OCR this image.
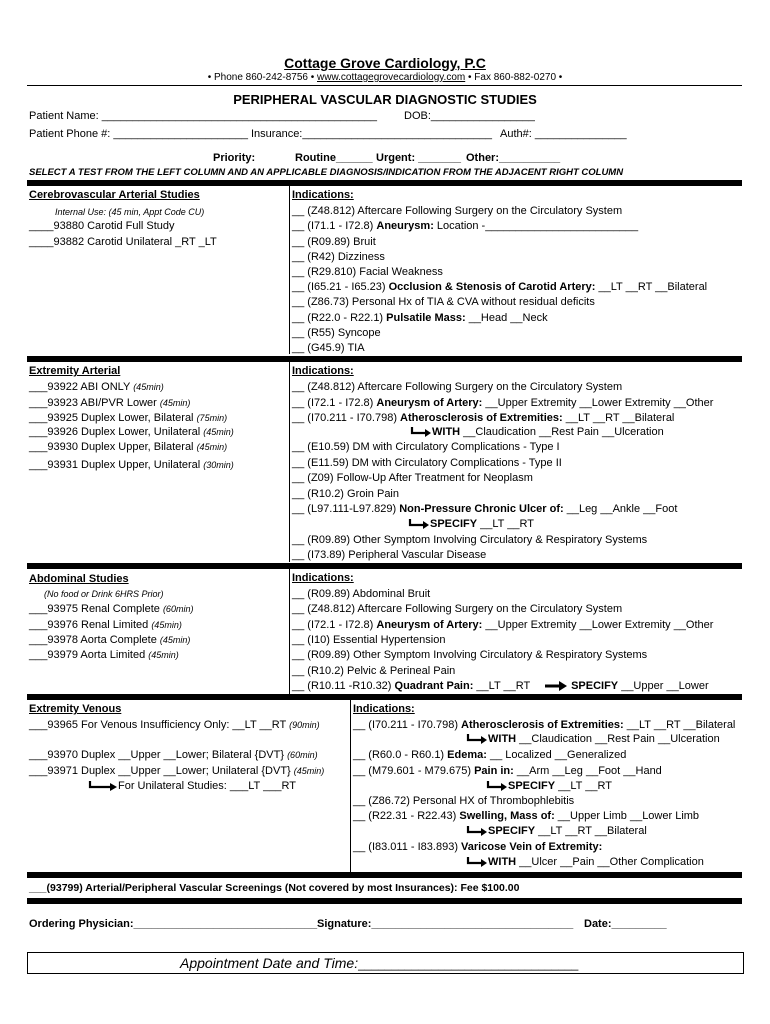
Cottage Grove Cardiology, P.C
• Phone 860-242-8756 • www.cottagegrovecardiology.com • Fax 860-882-0270 •
PERIPHERAL VASCULAR DIAGNOSTIC STUDIES
Patient Name: _____________________________________________ DOB:_________________
Patient Phone #: ______________________ Insurance:_______________________________ Auth#: _______________
Priority:	Routine______ Urgent: _______ Other:__________
SELECT A TEST FROM THE LEFT COLUMN AND AN APPLICABLE DIAGNOSIS/INDICATION FROM THE ADJACENT RIGHT COLUMN
Cerebrovascular Arterial Studies
Internal Use: (45 min, Appt Code CU)
____93880 Carotid Full Study
____93882 Carotid Unilateral _RT _LT
Indications:
__ (Z48.812) Aftercare Following Surgery on the Circulatory System
__ (I71.1 - I72.8) Aneurysm: Location -_________________________
__ (R09.89) Bruit
__ (R42) Dizziness
__ (R29.810) Facial Weakness
__ (I65.21 - I65.23) Occlusion & Stenosis of Carotid Artery: __LT __RT __Bilateral
__ (Z86.73) Personal Hx of TIA & CVA without residual deficits
__ (R22.0 - R22.1) Pulsatile Mass: __Head __Neck
__ (R55) Syncope
__ (G45.9) TIA
Extremity Arterial
___93922 ABI ONLY (45min)
___93923 ABI/PVR Lower (45min)
___93925 Duplex Lower, Bilateral (75min)
___93926 Duplex Lower, Unilateral (45min)
___93930 Duplex Upper, Bilateral (45min)
___93931 Duplex Upper, Unilateral (30min)
Indications:
__ (Z48.812) Aftercare Following Surgery on the Circulatory System
__ (I72.1 - I72.8) Aneurysm of Artery: __Upper Extremity __Lower Extremity __Other
__ (I70.211 - I70.798) Atherosclerosis of Extremities: __LT __RT __Bilateral
WITH __Claudication __Rest Pain __Ulceration
__ (E10.59) DM with Circulatory Complications - Type I
__ (E11.59) DM with Circulatory Complications - Type II
__ (Z09) Follow-Up After Treatment for Neoplasm
__ (R10.2) Groin Pain
__ (L97.111-L97.829) Non-Pressure Chronic Ulcer of: __Leg __Ankle __Foot
SPECIFY __LT __RT
__ (R09.89) Other Symptom Involving Circulatory & Respiratory Systems
__ (I73.89) Peripheral Vascular Disease
Abdominal Studies
(No food or Drink 6HRS Prior)
___93975 Renal Complete (60min)
___93976 Renal Limited (45min)
___93978 Aorta Complete (45min)
___93979 Aorta Limited (45min)
Indications:
__ (R09.89) Abdominal Bruit
__ (Z48.812) Aftercare Following Surgery on the Circulatory System
__ (I72.1 - I72.8) Aneurysm of Artery: __Upper Extremity __Lower Extremity __Other
__ (I10) Essential Hypertension
__ (R09.89) Other Symptom Involving Circulatory & Respiratory Systems
__ (R10.2) Pelvic & Perineal Pain
__ (R10.11 -R10.32) Quadrant Pain: __LT __RT	SPECIFY __Upper __Lower
Extremity Venous
___93965 For Venous Insufficiency Only: __LT __RT (90min)
___93970 Duplex __Upper __Lower; Bilateral {DVT} (60min)
___93971 Duplex __Upper __Lower; Unilateral {DVT} (45min)
For Unilateral Studies: ___LT ___RT
Indications:
__ (I70.211 - I70.798) Atherosclerosis of Extremities: __LT __RT __Bilateral
WITH __Claudication __Rest Pain __Ulceration
__ (R60.0 - R60.1) Edema: __ Localized __Generalized
__ (M79.601 - M79.675) Pain in: __Arm __Leg __Foot __Hand
SPECIFY __LT __RT
__ (Z86.72) Personal HX of Thrombophlebitis
__ (R22.31 - R22.43) Swelling, Mass of: __Upper Limb __Lower Limb
SPECIFY __LT __RT __Bilateral
__ (I83.011 - I83.893) Varicose Vein of Extremity:
WITH __Ulcer __Pain __Other Complication
___(93799) Arterial/Peripheral Vascular Screenings (Not covered by most Insurances): Fee $100.00
Ordering Physician:______________________________ Signature:_________________________________ Date:_________
Appointment Date and Time:_________________________________
